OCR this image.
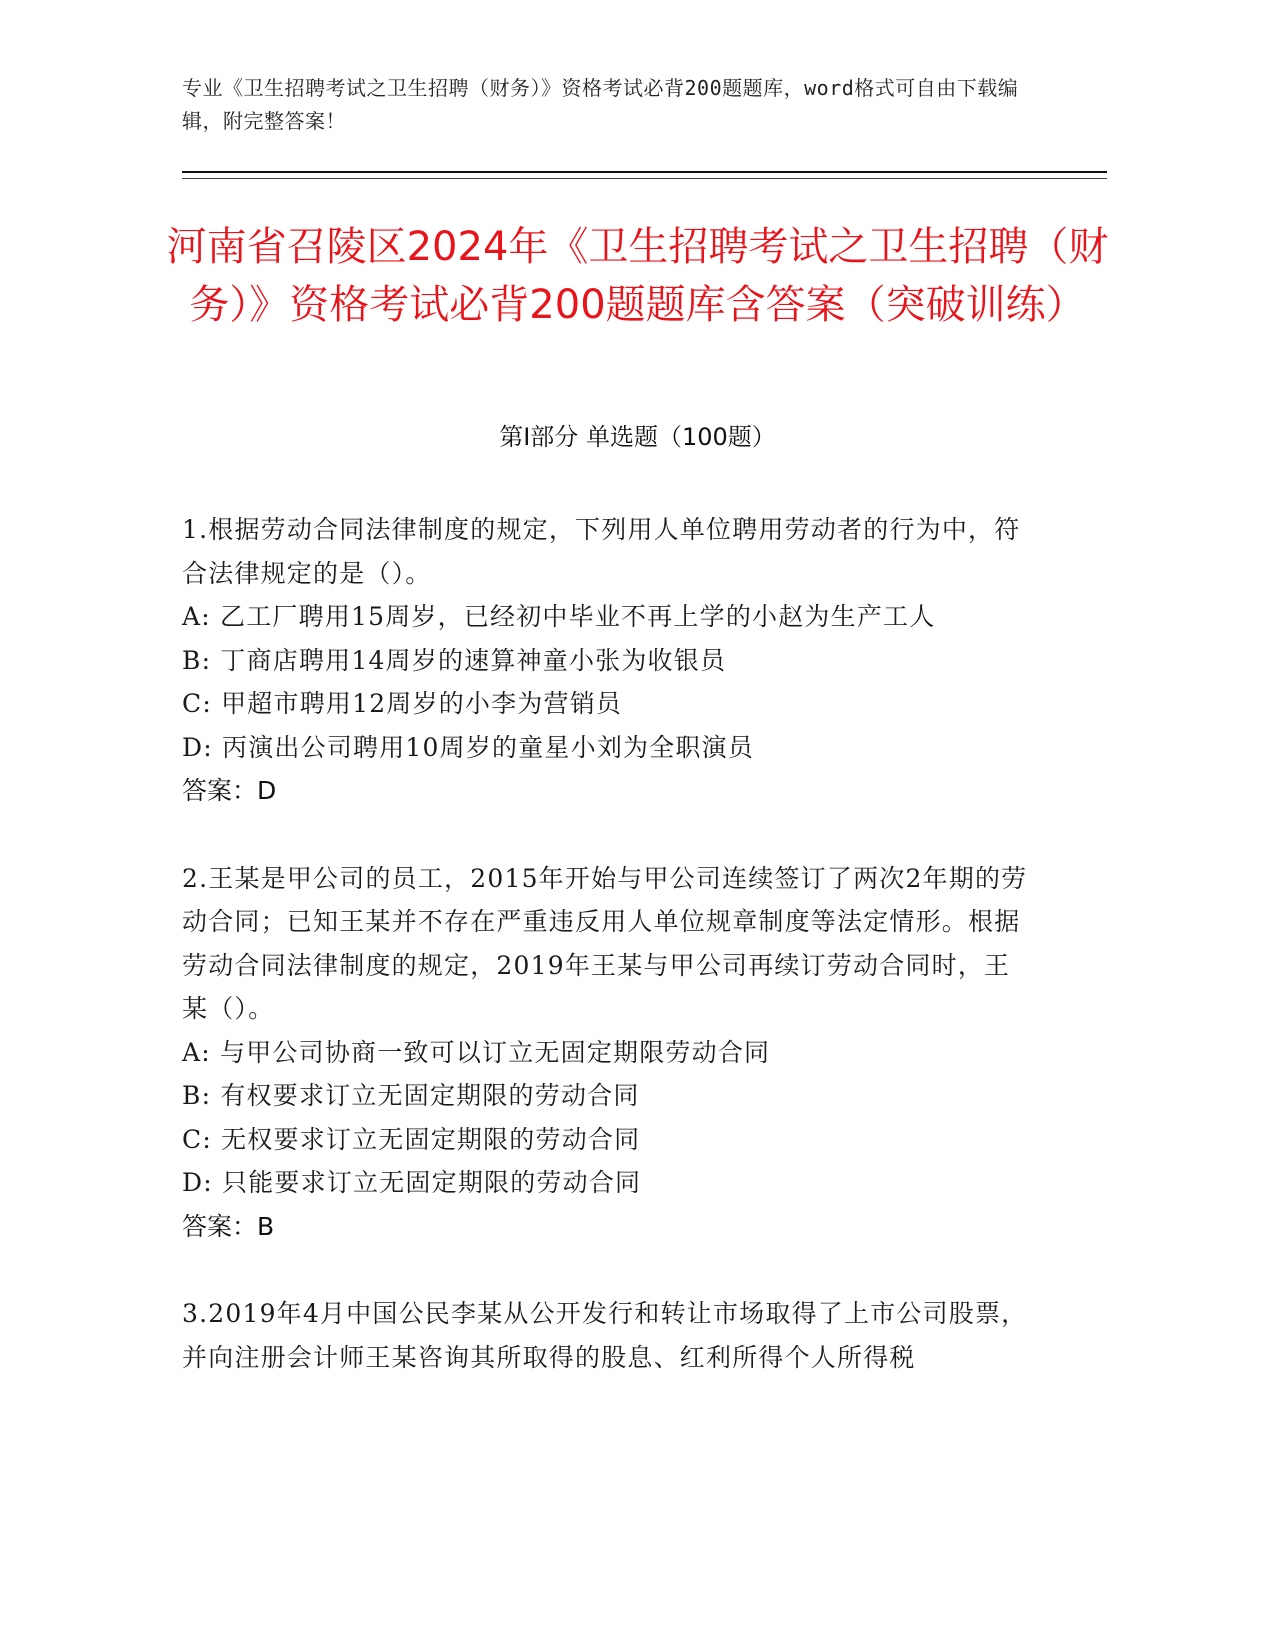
专业《卫生招聘考试之卫生招聘（财务）》资格考试必背200题题库，word格式可自由下载编辑，附完整答案！
河南省召陵区2024年《卫生招聘考试之卫生招聘（财务）》资格考试必背200题题库含答案（突破训练）
第Ⅰ部分 单选题（100题）

1.根据劳动合同法律制度的规定，下列用人单位聘用劳动者的行为中，符合法律规定的是（）。

A: 乙工厂聘用15周岁，已经初中毕业不再上学的小赵为生产工人

B: 丁商店聘用14周岁的速算神童小张为收银员

C: 甲超市聘用12周岁的小李为营销员

D: 丙演出公司聘用10周岁的童星小刘为全职演员

答案：D

2.王某是甲公司的员工，2015年开始与甲公司连续签订了两次2年期的劳动合同；已知王某并不存在严重违反用人单位规章制度等法定情形。根据劳动合同法律制度的规定，2019年王某与甲公司再续订劳动合同时，王某（）。

A: 与甲公司协商一致可以订立无固定期限劳动合同

B: 有权要求订立无固定期限的劳动合同

C: 无权要求订立无固定期限的劳动合同

D: 只能要求订立无固定期限的劳动合同

答案：B

3.2019年4月中国公民李某从公开发行和转让市场取得了上市公司股票，并向注册会计师王某咨询其所取得的股息、红利所得个人所得税
